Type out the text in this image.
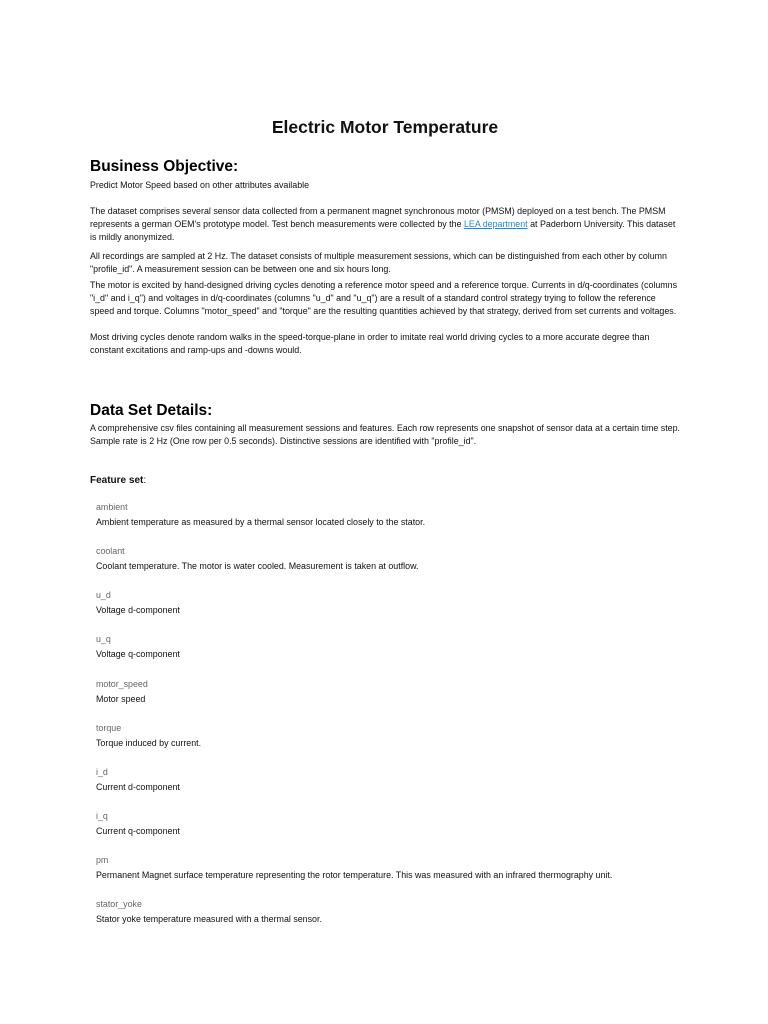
Electric Motor Temperature
Business Objective:

Predict Motor Speed based on other attributes available

The dataset comprises several sensor data collected from a permanent magnet synchronous motor (PMSM) deployed on a test bench. The PMSM represents a german OEM's prototype model. Test bench measurements were collected by the LEA department at Paderborn University. This dataset is mildly anonymized.

All recordings are sampled at 2 Hz. The dataset consists of multiple measurement sessions, which can be distinguished from each other by column "profile_id". A measurement session can be between one and six hours long.

The motor is excited by hand-designed driving cycles denoting a reference motor speed and a reference torque. Currents in d/q-coordinates (columns "i_d" and i_q") and voltages in d/q-coordinates (columns "u_d" and "u_q") are a result of a standard control strategy trying to follow the reference speed and torque. Columns "motor_speed" and "torque" are the resulting quantities achieved by that strategy, derived from set currents and voltages.

Most driving cycles denote random walks in the speed-torque-plane in order to imitate real world driving cycles to a more accurate degree than constant excitations and ramp-ups and -downs would.

Data Set Details:

A comprehensive csv files containing all measurement sessions and features. Each row represents one snapshot of sensor data at a certain time step. Sample rate is 2 Hz (One row per 0.5 seconds). Distinctive sessions are identified with "profile_id".

Feature set:

ambient
Ambient temperature as measured by a thermal sensor located closely to the stator.
coolant
Coolant temperature. The motor is water cooled. Measurement is taken at outflow.
u_d
Voltage d-component
u_q
Voltage q-component
motor_speed
Motor speed
torque
Torque induced by current.
i_d
Current d-component
i_q
Current q-component
pm
Permanent Magnet surface temperature representing the rotor temperature. This was measured with an infrared thermography unit.
stator_yoke
Stator yoke temperature measured with a thermal sensor.
